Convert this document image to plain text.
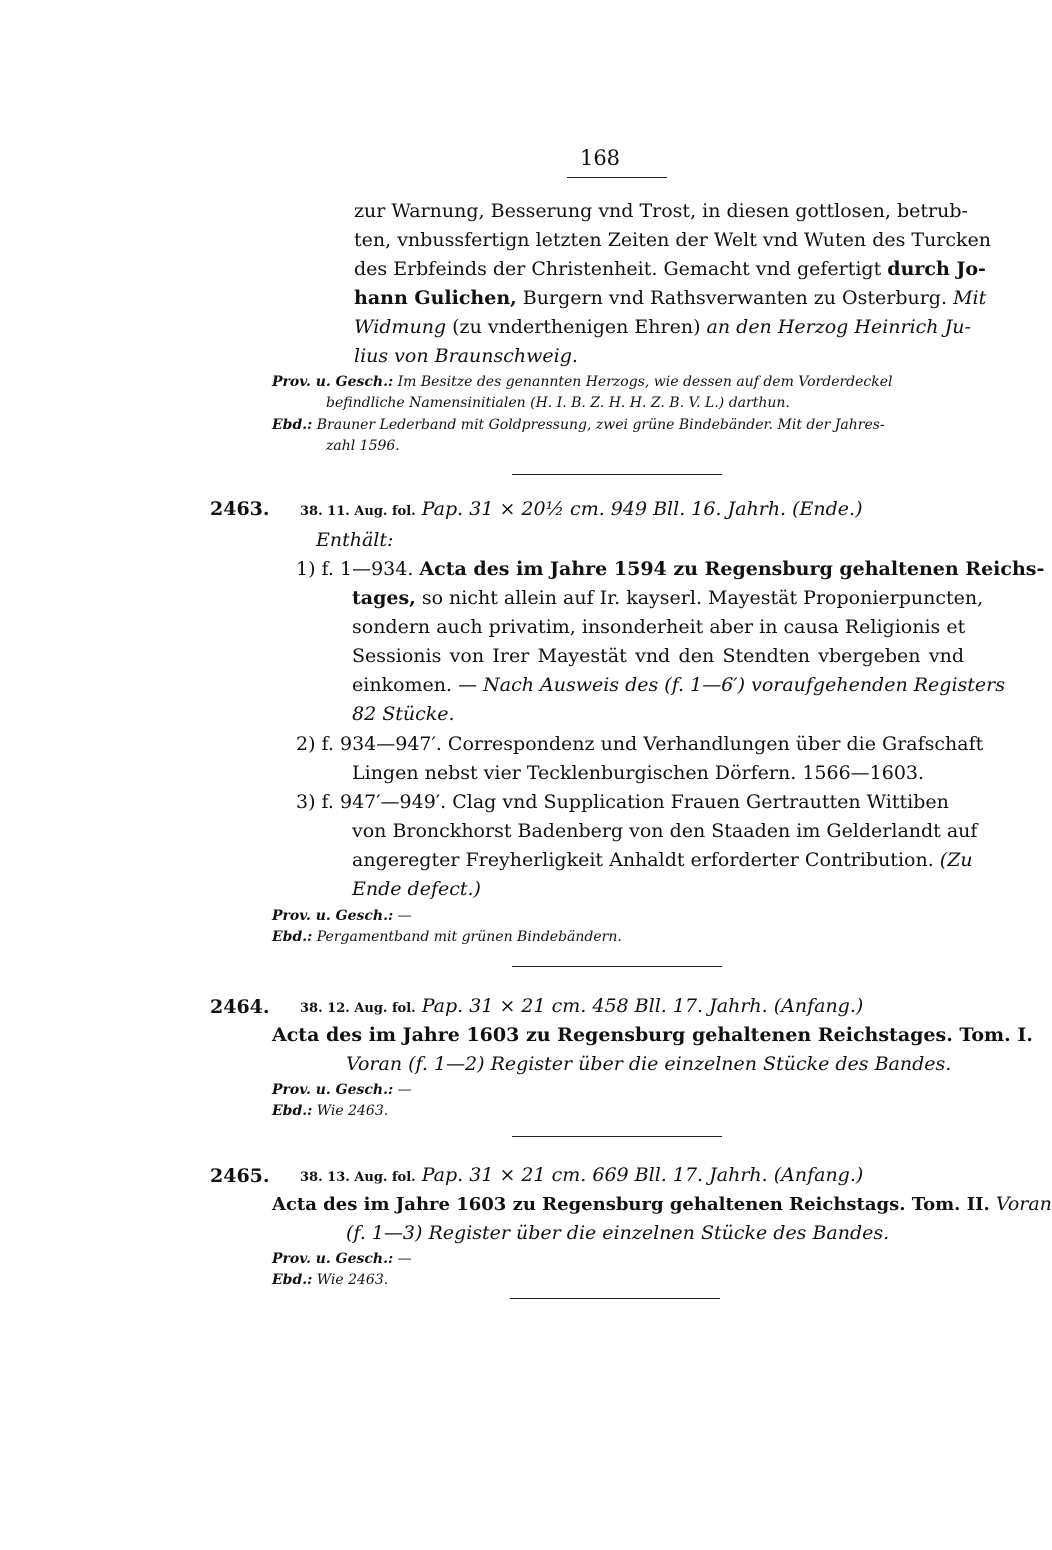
168
zur Warnung, Besserung vnd Trost, in diesen gottlosen, betrub-
ten, vnbussfertign letzten Zeiten der Welt vnd Wuten des Turcken
des Erbfeinds der Christenheit. Gemacht vnd gefertigt durch Jo-
hann Gulichen, Burgern vnd Rathsverwanten zu Osterburg. Mit
Widmung (zu vnderthenigen Ehren) an den Herzog Heinrich Ju-
lius von Braunschweig.
Prov. u. Gesch.: Im Besitze des genannten Herzogs, wie dessen auf dem Vorderdeckel
befindliche Namensinitialen (H. I. B. Z. H. H. Z. B. V. L.) darthun.
Ebd.: Brauner Lederband mit Goldpressung, zwei grüne Bindebänder. Mit der Jahres-
zahl 1596.
2463. 38. 11. Aug. fol. Pap. 31 × 20½ cm. 949 Bll. 16. Jahrh. (Ende.)
Enthält:
1) f. 1—934. Acta des im Jahre 1594 zu Regensburg gehaltenen Reichs-
tages, so nicht allein auf Ir. kayserl. Mayestät Proponierpuncten,
sondern auch privatim, insonderheit aber in causa Religionis et
Sessionis von Irer Mayestät vnd den Stendten vbergeben vnd
einkomen. — Nach Ausweis des (f. 1—6′) voraufgehenden Registers
82 Stücke.
2) f. 934—947′. Correspondenz und Verhandlungen über die Grafschaft
Lingen nebst vier Tecklenburgischen Dörfern. 1566—1603.
3) f. 947′—949′. Clag vnd Supplication Frauen Gertrautten Wittiben
von Bronckhorst Badenberg von den Staaden im Gelderlandt auf
angeregter Freyherligkeit Anhaldt erforderter Contribution. (Zu
Ende defect.)
Prov. u. Gesch.: —
Ebd.: Pergamentband mit grünen Bindebändern.
2464. 38. 12. Aug. fol. Pap. 31 × 21 cm. 458 Bll. 17. Jahrh. (Anfang.)
Acta des im Jahre 1603 zu Regensburg gehaltenen Reichstages. Tom. I.
Voran (f. 1—2) Register über die einzelnen Stücke des Bandes.
Prov. u. Gesch.: —
Ebd.: Wie 2463.
2465. 38. 13. Aug. fol. Pap. 31 × 21 cm. 669 Bll. 17. Jahrh. (Anfang.)
Acta des im Jahre 1603 zu Regensburg gehaltenen Reichstags. Tom. II. Voran
(f. 1—3) Register über die einzelnen Stücke des Bandes.
Prov. u. Gesch.: —
Ebd.: Wie 2463.
